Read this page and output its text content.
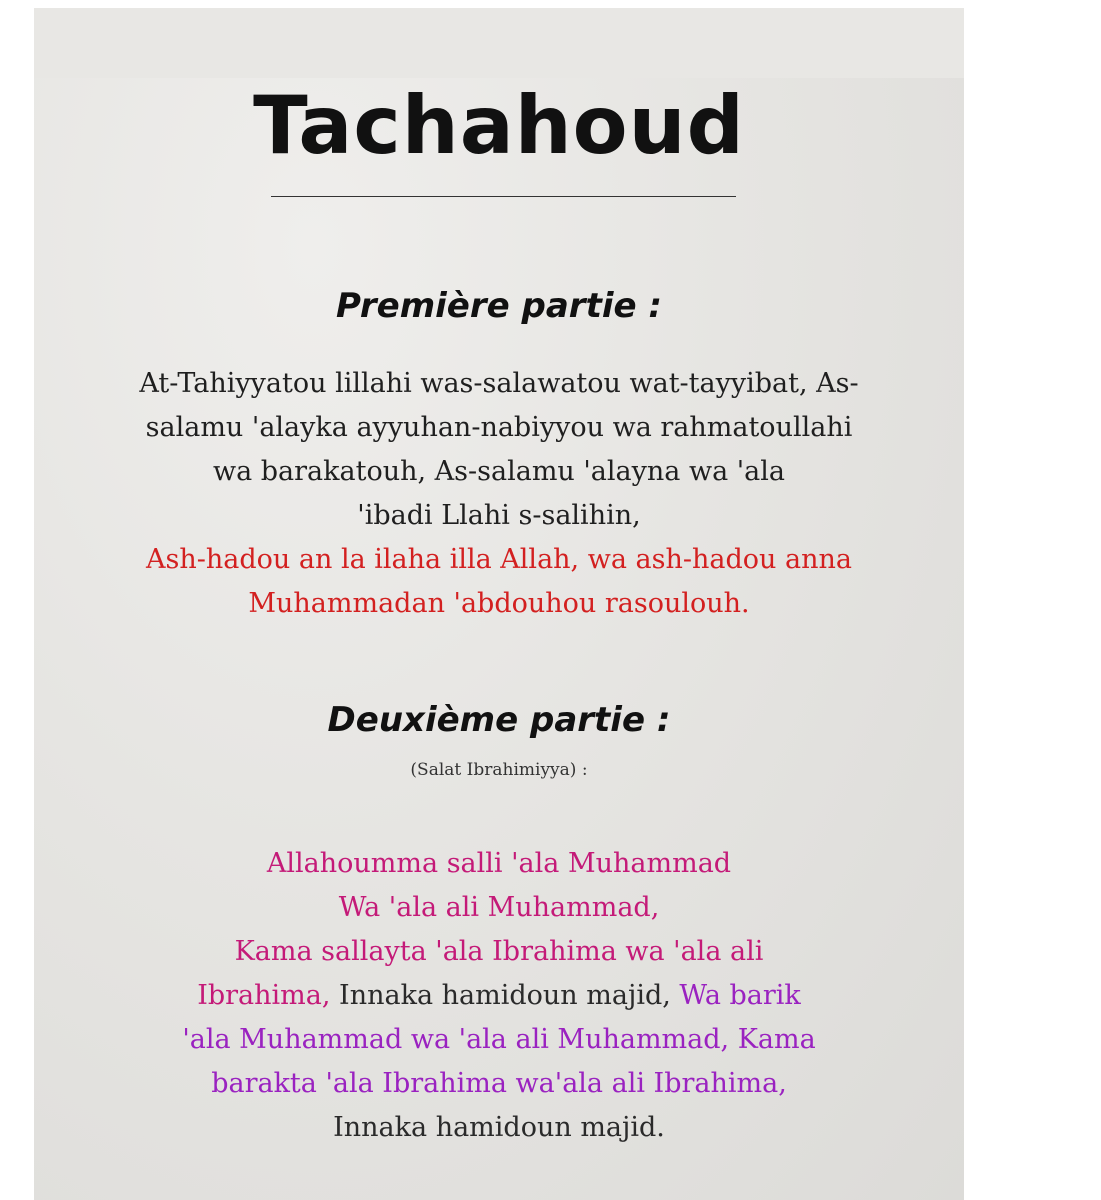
Tachahoud
Première partie :
At-Tahiyyatou lillahi was-salawatou wat-tayyibat, As-
salamu 'alayka ayyuhan-nabiyyou wa rahmatoullahi
wa barakatouh, As-salamu 'alayna wa 'ala
'ibadi Llahi s-salihin,
Ash-hadou an la ilaha illa Allah, wa ash-hadou anna
Muhammadan 'abdouhou rasoulouh.
Deuxième partie :
(Salat Ibrahimiyya) :
Allahoumma salli 'ala Muhammad
Wa 'ala ali Muhammad,
Kama sallayta 'ala Ibrahima wa 'ala ali
Ibrahima, Innaka hamidoun majid, Wa barik
'ala Muhammad wa 'ala ali Muhammad, Kama
barakta 'ala Ibrahima wa'ala ali Ibrahima,
Innaka hamidoun majid.
